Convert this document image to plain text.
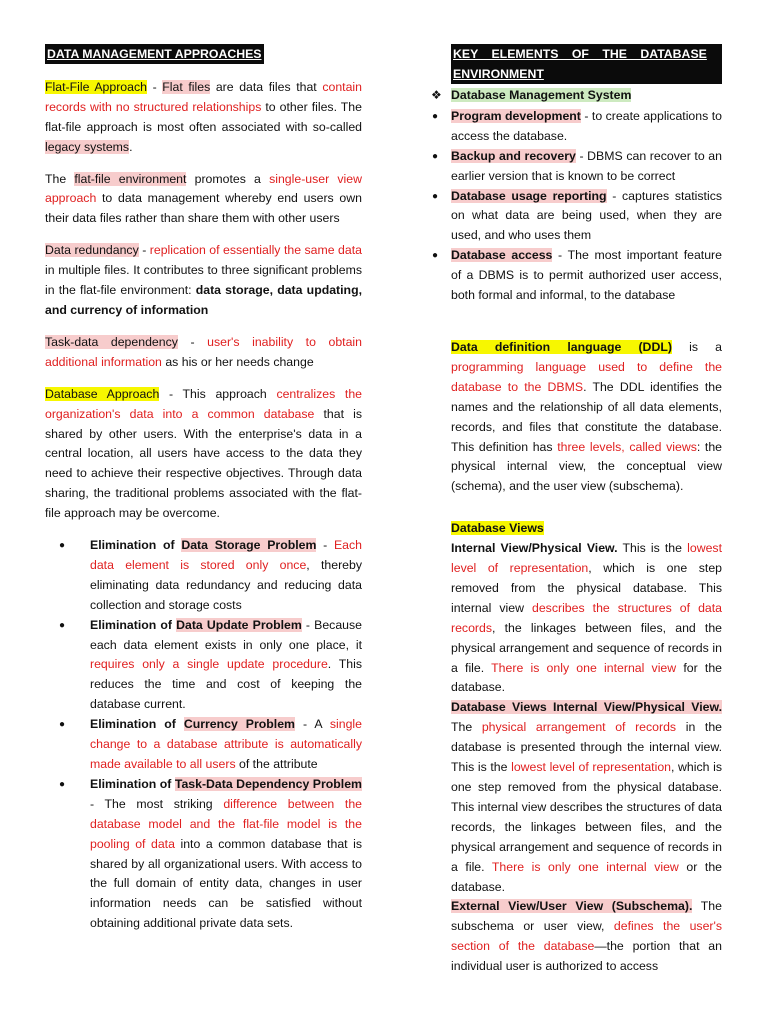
DATA MANAGEMENT APPROACHES

Flat-File Approach - Flat files are data files that contain records with no structured relationships to other files. The flat-file approach is most often associated with so-called legacy systems.

The flat-file environment promotes a single-user view approach to data management whereby end users own their data files rather than share them with other users

Data redundancy - replication of essentially the same data in multiple files. It contributes to three significant problems in the flat-file environment: data storage, data updating, and currency of information

Task-data dependency - user's inability to obtain additional information as his or her needs change

Database Approach - This approach centralizes the organization's data into a common database that is shared by other users. With the enterprise's data in a central location, all users have access to the data they need to achieve their respective objectives. Through data sharing, the traditional problems associated with the flat-file approach may be overcome.

● Elimination of Data Storage Problem - Each data element is stored only once, thereby eliminating data redundancy and reducing data collection and storage costs
● Elimination of Data Update Problem - Because each data element exists in only one place, it requires only a single update procedure. This reduces the time and cost of keeping the database current.
● Elimination of Currency Problem - A single change to a database attribute is automatically made available to all users of the attribute
● Elimination of Task-Data Dependency Problem - The most striking difference between the database model and the flat-file model is the pooling of data into a common database that is shared by all organizational users. With access to the full domain of entity data, changes in user information needs can be satisfied without obtaining additional private data sets.
KEY ELEMENTS OF THE DATABASE ENVIRONMENT
❖ Database Management System
● Program development - to create applications to access the database.
● Backup and recovery - DBMS can recover to an earlier version that is known to be correct
● Database usage reporting - captures statistics on what data are being used, when they are used, and who uses them
● Database access - The most important feature of a DBMS is to permit authorized user access, both formal and informal, to the database

Data definition language (DDL) is a programming language used to define the database to the DBMS. The DDL identifies the names and the relationship of all data elements, records, and files that constitute the database. This definition has three levels, called views: the physical internal view, the conceptual view (schema), and the user view (subschema).

Database Views

Internal View/Physical View. This is the lowest level of representation, which is one step removed from the physical database. This internal view describes the structures of data records, the linkages between files, and the physical arrangement and sequence of records in a file. There is only one internal view for the database.

Database Views Internal View/Physical View. The physical arrangement of records in the database is presented through the internal view. This is the lowest level of representation, which is one step removed from the physical database. This internal view describes the structures of data records, the linkages between files, and the physical arrangement and sequence of records in a file. There is only one internal view or the database.

External View/User View (Subschema). The subschema or user view, defines the user's section of the database—the portion that an individual user is authorized to access
